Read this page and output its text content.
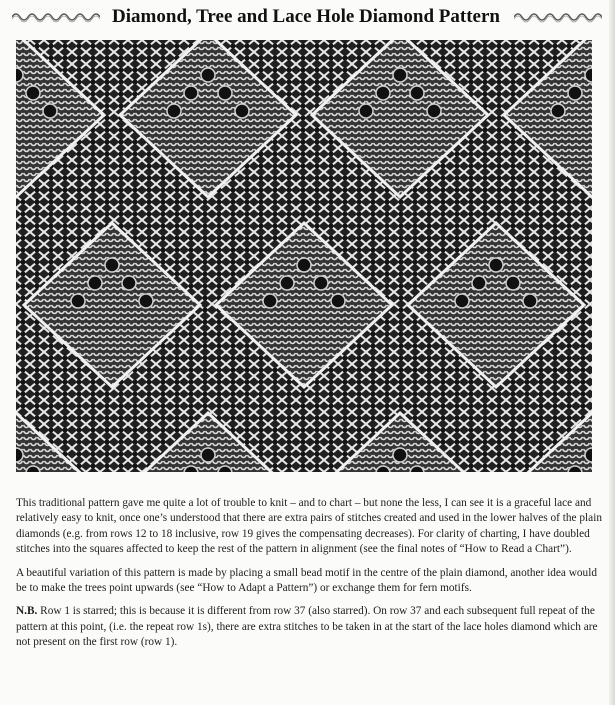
Diamond, Tree and Lace Hole Diamond Pattern

This traditional pattern gave me quite a lot of trouble to knit – and to chart – but none the less, I can see it is a graceful lace and relatively easy to knit, once one’s understood that there are extra pairs of stitches created and used in the lower halves of the plain diamonds (e.g. from rows 12 to 18 inclusive, row 19 gives the compensating decreases). For clarity of charting, I have doubled stitches into the squares affected to keep the rest of the pattern in alignment (see the final notes of “How to Read a Chart”).

A beautiful variation of this pattern is made by placing a small bead motif in the centre of the plain diamond, another idea would be to make the trees point upwards (see “How to Adapt a Pattern”) or exchange them for fern motifs.

N.B. Row 1 is starred; this is because it is different from row 37 (also starred). On row 37 and each subsequent full repeat of the pattern at this point, (i.e. the repeat row 1s), there are extra stitches to be taken in at the start of the lace holes diamond which are not present on the first row (row 1).
